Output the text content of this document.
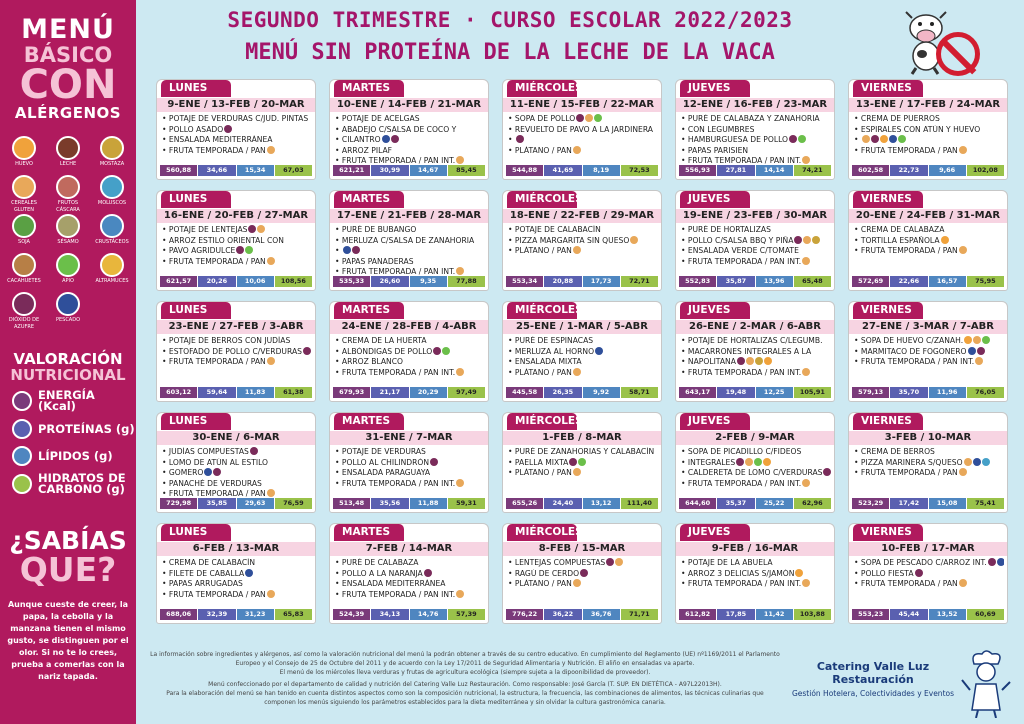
MENÚ
BÁSICO
CON
ALÉRGENOS
HUEVO	LECHE	MOSTAZA
CEREALES GLUTEN
FRUTOS CÁSCARA
MOLUSCOS
SOJA	SÉSAMO	CRUSTÁCEOS
CACAHUETES	APIO	ALTRAMUCES
DIÓXIDO DE AZUFRE
PESCADO
VALORACIÓN
NUTRICIONAL
ENERGÍA (Kcal)
PROTEÍNAS (g)
LÍPIDOS (g)
HIDRATOS DE CARBONO (g)
¿SABÍAS
QUE?
Aunque cueste de creer, la papa, la cebolla y la manzana tienen el mismo gusto, se distinguen por el olor. Si no te lo crees, prueba a comerlas con la nariz tapada.
SEGUNDO TRIMESTRE · CURSO ESCOLAR 2022/2023
MENÚ SIN PROTEÍNA DE LA LECHE DE LA VACA
LUNES
9-ENE / 13-FEB / 20-MAR
• POTAJE DE VERDURAS C/JUD. PINTAS
• POLLO ASADO
• ENSALADA MEDITERRÁNEA
• FRUTA TEMPORADA / PAN
560,88	34,66	15,34	67,03
MARTES
10-ENE / 14-FEB / 21-MAR
• POTAJE DE ACELGAS
• ABADEJO C/SALSA DE COCO Y
• CILANTRO
• ARROZ PILAF
• FRUTA TEMPORADA / PAN INT.
621,21	30,99	14,67	85,45
MIÉRCOLES
11-ENE / 15-FEB / 22-MAR
• SOPA DE POLLO
• REVUELTO DE PAVO A LA JARDINERA
•
• PLÁTANO / PAN
544,88	41,69	8,19	72,53
JUEVES
12-ENE / 16-FEB / 23-MAR
• PURÉ DE CALABAZA Y ZANAHORIA
• CON LEGUMBRES
• HAMBURGUESA DE POLLO
• PAPAS PARISIEN
• FRUTA TEMPORADA / PAN INT.
556,93	27,81	14,14	74,21
VIERNES
13-ENE / 17-FEB / 24-MAR
• CREMA DE PUERROS
• ESPIRALES CON ATÚN Y HUEVO
•
• FRUTA TEMPORADA / PAN
602,58	22,73	9,66	102,08
LUNES
16-ENE / 20-FEB / 27-MAR
• POTAJE DE LENTEJAS
• ARROZ ESTILO ORIENTAL CON
• PAVO AGRIDULCE
• FRUTA TEMPORADA / PAN
621,57	20,26	10,06	108,56
MARTES
17-ENE / 21-FEB / 28-MAR
• PURÉ DE BUBANGO
• MERLUZA C/SALSA DE ZANAHORIA
•
• PAPAS PANADERAS
• FRUTA TEMPORADA / PAN INT.
535,33	26,60	9,35	77,88
MIÉRCOLES
18-ENE / 22-FEB / 29-MAR
• POTAJE DE CALABACÍN
• PIZZA MARGARITA SIN QUESO
• PLÁTANO / PAN
553,34	20,88	17,73	72,71
JUEVES
19-ENE / 23-FEB / 30-MAR
• PURÉ DE HORTALIZAS
• POLLO C/SALSA BBQ Y PIÑA
• ENSALADA VERDE C/TOMATE
• FRUTA TEMPORADA / PAN INT.
552,83	35,87	13,96	65,48
VIERNES
20-ENE / 24-FEB / 31-MAR
• CREMA DE CALABAZA
• TORTILLA ESPAÑOLA
• FRUTA TEMPORADA / PAN
572,69	22,66	16,57	75,95
LUNES
23-ENE / 27-FEB / 3-ABR
• POTAJE DE BERROS CON JUDÍAS
• ESTOFADO DE POLLO C/VERDURAS
• FRUTA TEMPORADA / PAN
603,12	59,64	11,83	61,38
MARTES
24-ENE / 28-FEB / 4-ABR
• CREMA DE LA HUERTA
• ALBÓNDIGAS DE POLLO
• ARROZ BLANCO
• FRUTA TEMPORADA / PAN INT.
679,93	21,17	20,29	97,49
MIÉRCOLES
25-ENE / 1-MAR / 5-ABR
• PURÉ DE ESPINACAS
• MERLUZA AL HORNO
• ENSALADA MIXTA
• PLÁTANO / PAN
445,58	26,35	9,92	58,71
JUEVES
26-ENE / 2-MAR / 6-ABR
• POTAJE DE HORTALIZAS C/LEGUMB.
• MACARRONES INTEGRALES A LA
• NAPOLITANA
• FRUTA TEMPORADA / PAN INT.
643,17	19,48	12,25	105,91
VIERNES
27-ENE / 3-MAR / 7-ABR
• SOPA DE HUEVO C/ZANAH.
• MARMITACO DE FOGONERO
• FRUTA TEMPORADA / PAN INT.
579,13	35,70	11,96	76,05
LUNES
30-ENE / 6-MAR
• JUDÍAS COMPUESTAS
• LOMO DE ATÚN AL ESTILO
• GOMERO
• PANACHÉ DE VERDURAS
• FRUTA TEMPORADA / PAN
729,98	35,85	29,63	76,59
MARTES
31-ENE / 7-MAR
• POTAJE DE VERDURAS
• POLLO AL CHILINDRÓN
• ENSALADA PARAGUAYA
• FRUTA TEMPORADA / PAN INT.
513,48	35,56	11,88	59,31
MIÉRCOLES
1-FEB / 8-MAR
• PURÉ DE ZANAHORIAS Y CALABACÍN
• PAELLA MIXTA
• PLÁTANO / PAN
655,26	24,40	13,12	111,40
JUEVES
2-FEB / 9-MAR
• SOPA DE PICADILLO C/FIDEOS
• INTEGRALES
• CALDERETA DE LOMO C/VERDURAS
• FRUTA TEMPORADA / PAN INT.
644,60	35,37	25,22	62,96
VIERNES
3-FEB / 10-MAR
• CREMA DE BERROS
• PIZZA MARINERA S/QUESO
• FRUTA TEMPORADA / PAN
523,29	17,42	15,08	75,41
LUNES
6-FEB / 13-MAR
• CREMA DE CALABACÍN
• FILETE DE CABALLA
• PAPAS ARRUGADAS
• FRUTA TEMPORADA / PAN
688,06	32,39	31,23	65,83
MARTES
7-FEB / 14-MAR
• PURÉ DE CALABAZA
• POLLO A LA NARANJA
• ENSALADA MEDITERRÁNEA
• FRUTA TEMPORADA / PAN INT.
524,39	34,13	14,76	57,39
MIÉRCOLES
8-FEB / 15-MAR
• LENTEJAS COMPUESTAS
• RAGÚ DE CERDO
• PLÁTANO / PAN
776,22	36,22	36,76	71,71
JUEVES
9-FEB / 16-MAR
• POTAJE DE LA ABUELA
• ARROZ 3 DELICIAS S/JAMÓN
• FRUTA TEMPORADA / PAN INT.
612,82	17,85	11,42	103,88
VIERNES
10-FEB / 17-MAR
• SOPA DE PESCADO C/ARROZ INT.
• POLLO FIESTA
• FRUTA TEMPORADA / PAN
553,23	45,44	13,52	60,69
La información sobre ingredientes y alérgenos, así como la valoración nutricional del menú la podrán obtener a través de su centro educativo. En cumplimiento del Reglamento (UE) nº1169/2011 el Parlamento Europeo y el Consejo de 25 de Octubre del 2011 y de acuerdo con la Ley 17/2011 de Seguridad Alimentaria y Nutrición. El aliño en ensaladas va aparte.
El menú de los miércoles lleva verduras y frutas de agricultura ecológica (siempre sujeta a la dipoonibilidad de proveedor).
Menú confeccionado por el departamento de calidad y nutrición del Catering Valle Luz Restauración. Como responsable: José García (T. SUP. EN DIETÉTICA - A97L22013H).
Para la elaboración del menú se han tenido en cuenta distintos aspectos como son la composición nutricional, la estructura, la frecuencia, las combinaciones de alimentos, las técnicas culinarias que componen los menús siguiendo los parámetros establecidos para la dieta mediterránea y sin olvidar la cultura gastronómica canaria.
Catering Valle Luz Restauración
Gestión Hotelera, Colectividades y Eventos
